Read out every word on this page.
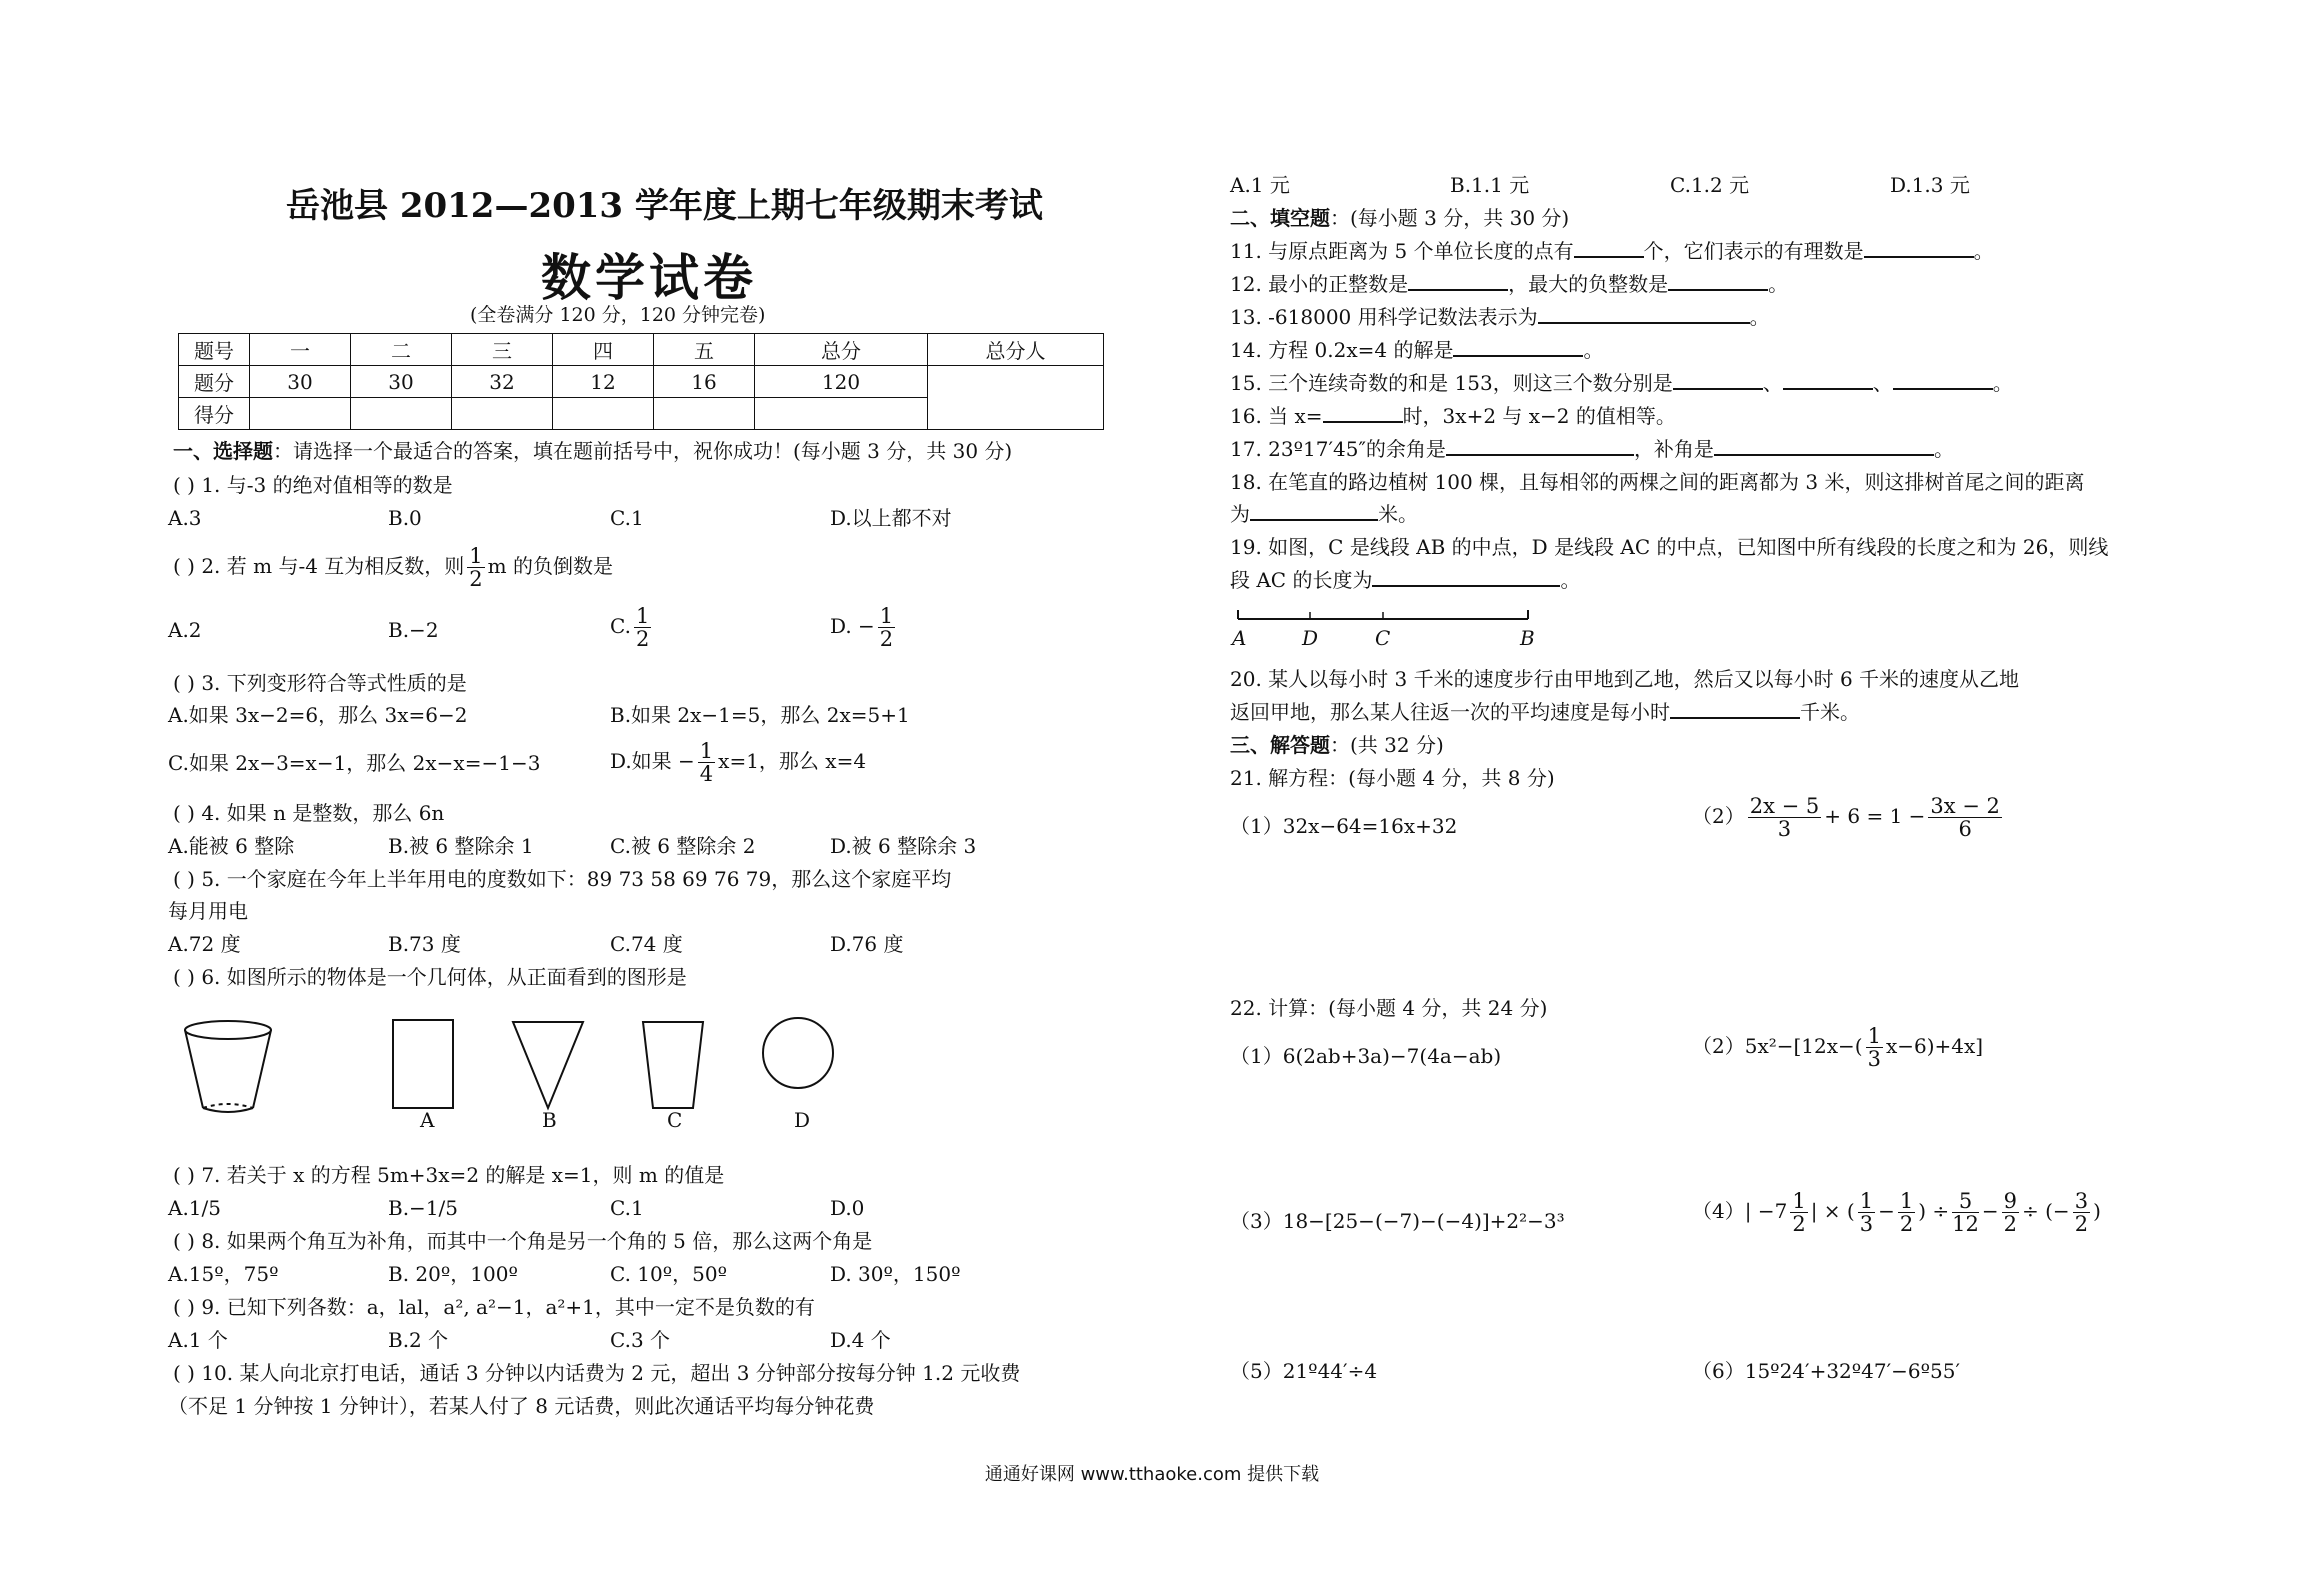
岳池县 2012—2013 学年度上期七年级期末考试
数学试卷
(全卷满分 120 分，120 分钟完卷)
题号	一	二	三	四	五	总分	总分人
题分	30	30	32	12	16	120	
得分							
一、选择题：请选择一个最适合的答案，填在题前括号中，祝你成功！(每小题 3 分，共 30 分)
( ) 1. 与-3 的绝对值相等的数是
A.3	B.0	C.1	D.以上都不对
( ) 2. 若 m 与-4 互为相反数，则 $\frac{1}{2}$ m 的负倒数是
A.2	B.−2	C. $\frac{1}{2}$	D. − $\frac{1}{2}$
( ) 3. 下列变形符合等式性质的是
A.如果 3x−2=6，那么 3x=6−2	B.如果 2x−1=5，那么 2x=5+1
C.如果 2x−3=x−1，那么 2x−x=−1−3	D.如果 − $\frac{1}{4} x=1$，那么 x=4
( ) 4. 如果 n 是整数，那么 6n
A.能被 6 整除	B.被 6 整除余 1	C.被 6 整除余 2	D.被 6 整除余 3
( ) 5. 一个家庭在今年上半年用电的度数如下：89 73 58 69 76 79，那么这个家庭平均
每月用电
A.72 度	B.73 度	C.74 度	D.76 度
( ) 6. 如图所示的物体是一个几何体，从正面看到的图形是
A	B	C	D
( ) 7. 若关于 x 的方程 5m+3x=2 的解是 x=1，则 m 的值是
A.1/5	B.−1/5	C.1	D.0
( ) 8. 如果两个角互为补角，而其中一个角是另一个角的 5 倍，那么这两个角是
A.15º，75º	B. 20º，100º	C. 10º，50º	D. 30º，150º
( ) 9. 已知下列各数：a，lal，a², a²−1，a²+1，其中一定不是负数的有
A.1 个	B.2 个	C.3 个	D.4 个
( ) 10. 某人向北京打电话，通话 3 分钟以内话费为 2 元，超出 3 分钟部分按每分钟 1.2 元收费
（不足 1 分钟按 1 分钟计），若某人付了 8 元话费，则此次通话平均每分钟花费
A.1 元	B.1.1 元	C.1.2 元	D.1.3 元
二、填空题：(每小题 3 分，共 30 分)
11. 与原点距离为 5 个单位长度的点有	个，它们表示的有理数是	。
12. 最小的正整数是	，最大的负整数是	。
13. -618000 用科学记数法表示为	。
14. 方程 0.2x=4 的解是	。
15. 三个连续奇数的和是 153，则这三个数分别是	、	、	。
16. 当 x=	时，3x+2 与 x−2 的值相等。
17. 23º17′45″的余角是	，补角是	。
18. 在笔直的路边植树 100 棵，且每相邻的两棵之间的距离都为 3 米，则这排树首尾之间的距离
为	米。
19. 如图，C 是线段 AB 的中点，D 是线段 AC 的中点，已知图中所有线段的长度之和为 26，则线
段 AC 的长度为	。
A	D	C	B
20. 某人以每小时 3 千米的速度步行由甲地到乙地，然后又以每小时 6 千米的速度从乙地
返回甲地，那么某人往返一次的平均速度是每小时	千米。
三、解答题：(共 32 分)
21. 解方程：(每小题 4 分，共 8 分)
（1）32x−64=16x+32	$(2) \frac{2x - 5}{3} + 6 = 1 - \frac{3x - 2}{6}$
22. 计算：(每小题 4 分，共 24 分)
（1）6(2ab+3a)−7(4a−ab)	$(2)5x^2-[12x-( \frac{1}{3} x-6)+4x]$
（3）18−[25−(−7)−(−4)]+2²−3³	$(4)| -7 \frac{1}{2}$ | × ( $\frac{1}{3} - \frac{1}{2}$ ) ÷ $\frac{5}{12} - \frac{9}{2}$ ÷ (− $\frac{3}{2}$ )
（5）21º44′÷4	（6）15º24′+32º47′−6º55′
通通好课网 www.tthaoke.com 提供下载
